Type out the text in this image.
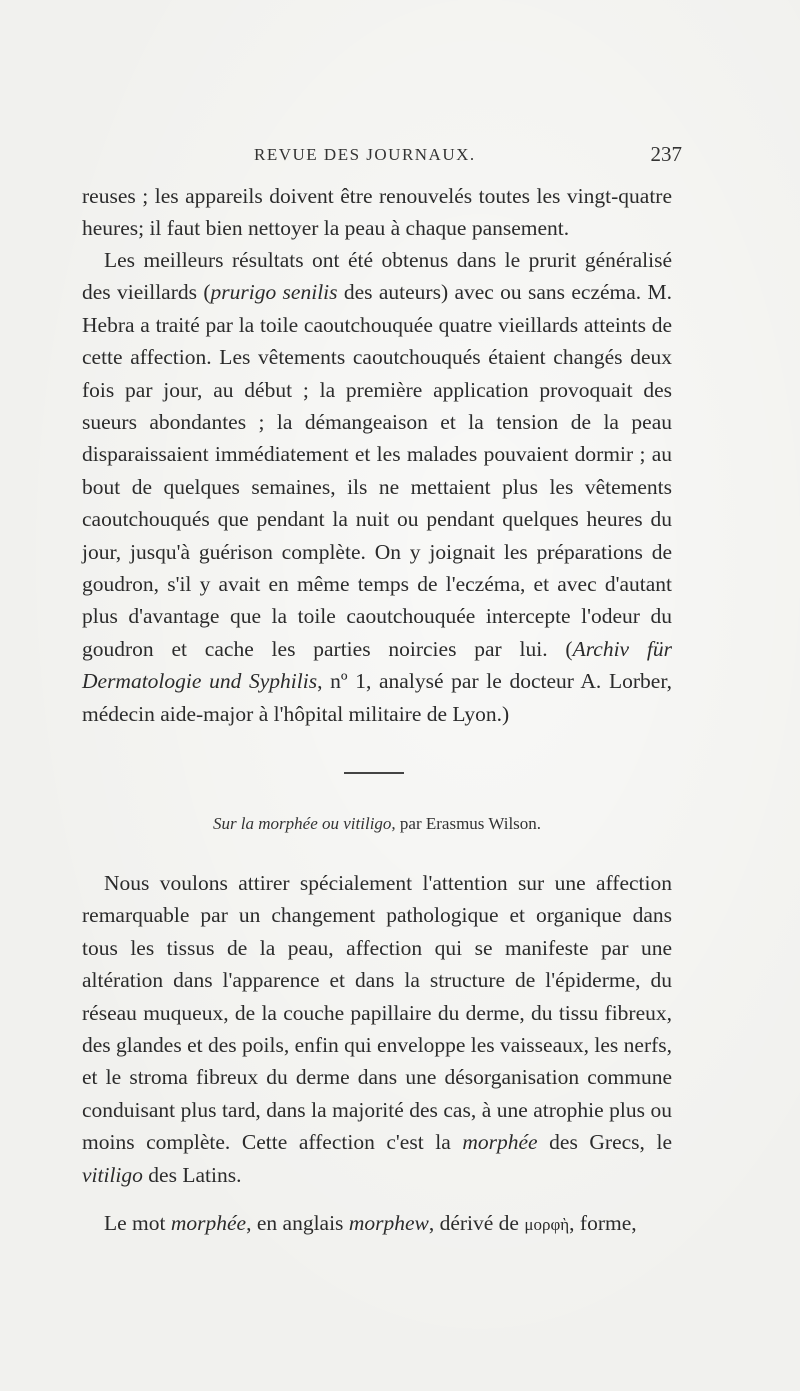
REVUE DES JOURNAUX.	237

reuses ; les appareils doivent être renouvelés toutes les vingt-quatre heures; il faut bien nettoyer la peau à chaque pansement.

Les meilleurs résultats ont été obtenus dans le prurit généralisé des vieillards (prurigo senilis des auteurs) avec ou sans eczéma. M. Hebra a traité par la toile caoutchouquée quatre vieillards atteints de cette affection. Les vêtements caoutchouqués étaient changés deux fois par jour, au début ; la première application provoquait des sueurs abondantes ; la démangeaison et la tension de la peau disparaissaient immédiatement et les malades pouvaient dormir ; au bout de quelques semaines, ils ne mettaient plus les vêtements caoutchouqués que pendant la nuit ou pendant quelques heures du jour, jusqu'à guérison complète. On y joignait les préparations de goudron, s'il y avait en même temps de l'eczéma, et avec d'autant plus d'avantage que la toile caoutchouquée intercepte l'odeur du goudron et cache les parties noircies par lui. (Archiv für Dermatologie und Syphilis, nº 1, analysé par le docteur A. Lorber, médecin aide-major à l'hôpital militaire de Lyon.)

Sur la morphée ou vitiligo, par Erasmus Wilson.

Nous voulons attirer spécialement l'attention sur une affection remarquable par un changement pathologique et organique dans tous les tissus de la peau, affection qui se manifeste par une altération dans l'apparence et dans la structure de l'épiderme, du réseau muqueux, de la couche papillaire du derme, du tissu fibreux, des glandes et des poils, enfin qui enveloppe les vaisseaux, les nerfs, et le stroma fibreux du derme dans une désorganisation commune conduisant plus tard, dans la majorité des cas, à une atrophie plus ou moins complète. Cette affection c'est la morphée des Grecs, le vitiligo des Latins.

Le mot morphée, en anglais morphew, dérivé de μορφὴ, forme,
